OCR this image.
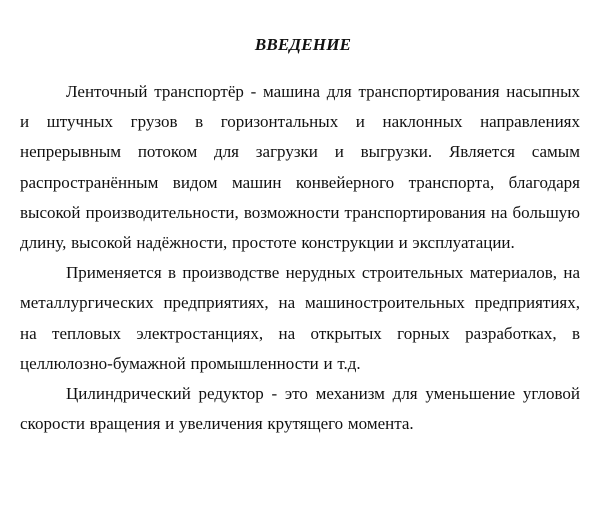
ВВЕДЕНИЕ

Ленточный транспортёр - машина для транспортирования насыпных и штучных грузов в горизонтальных и наклонных направлениях непрерывным потоком для загрузки и выгрузки. Является самым распространённым видом машин конвейерного транспорта, благодаря высокой производительности, возможности транспортирования на большую длину, высокой надёжности, простоте конструкции и эксплуатации.

Применяется в производстве нерудных строительных материалов, на металлургических предприятиях, на машиностроительных предприятиях, на тепловых электростанциях, на открытых горных разработках, в целлюлозно-бумажной промышленности и т.д.

Цилиндрический редуктор - это механизм для уменьшение угловой скорости вращения и увеличения крутящего момента.
